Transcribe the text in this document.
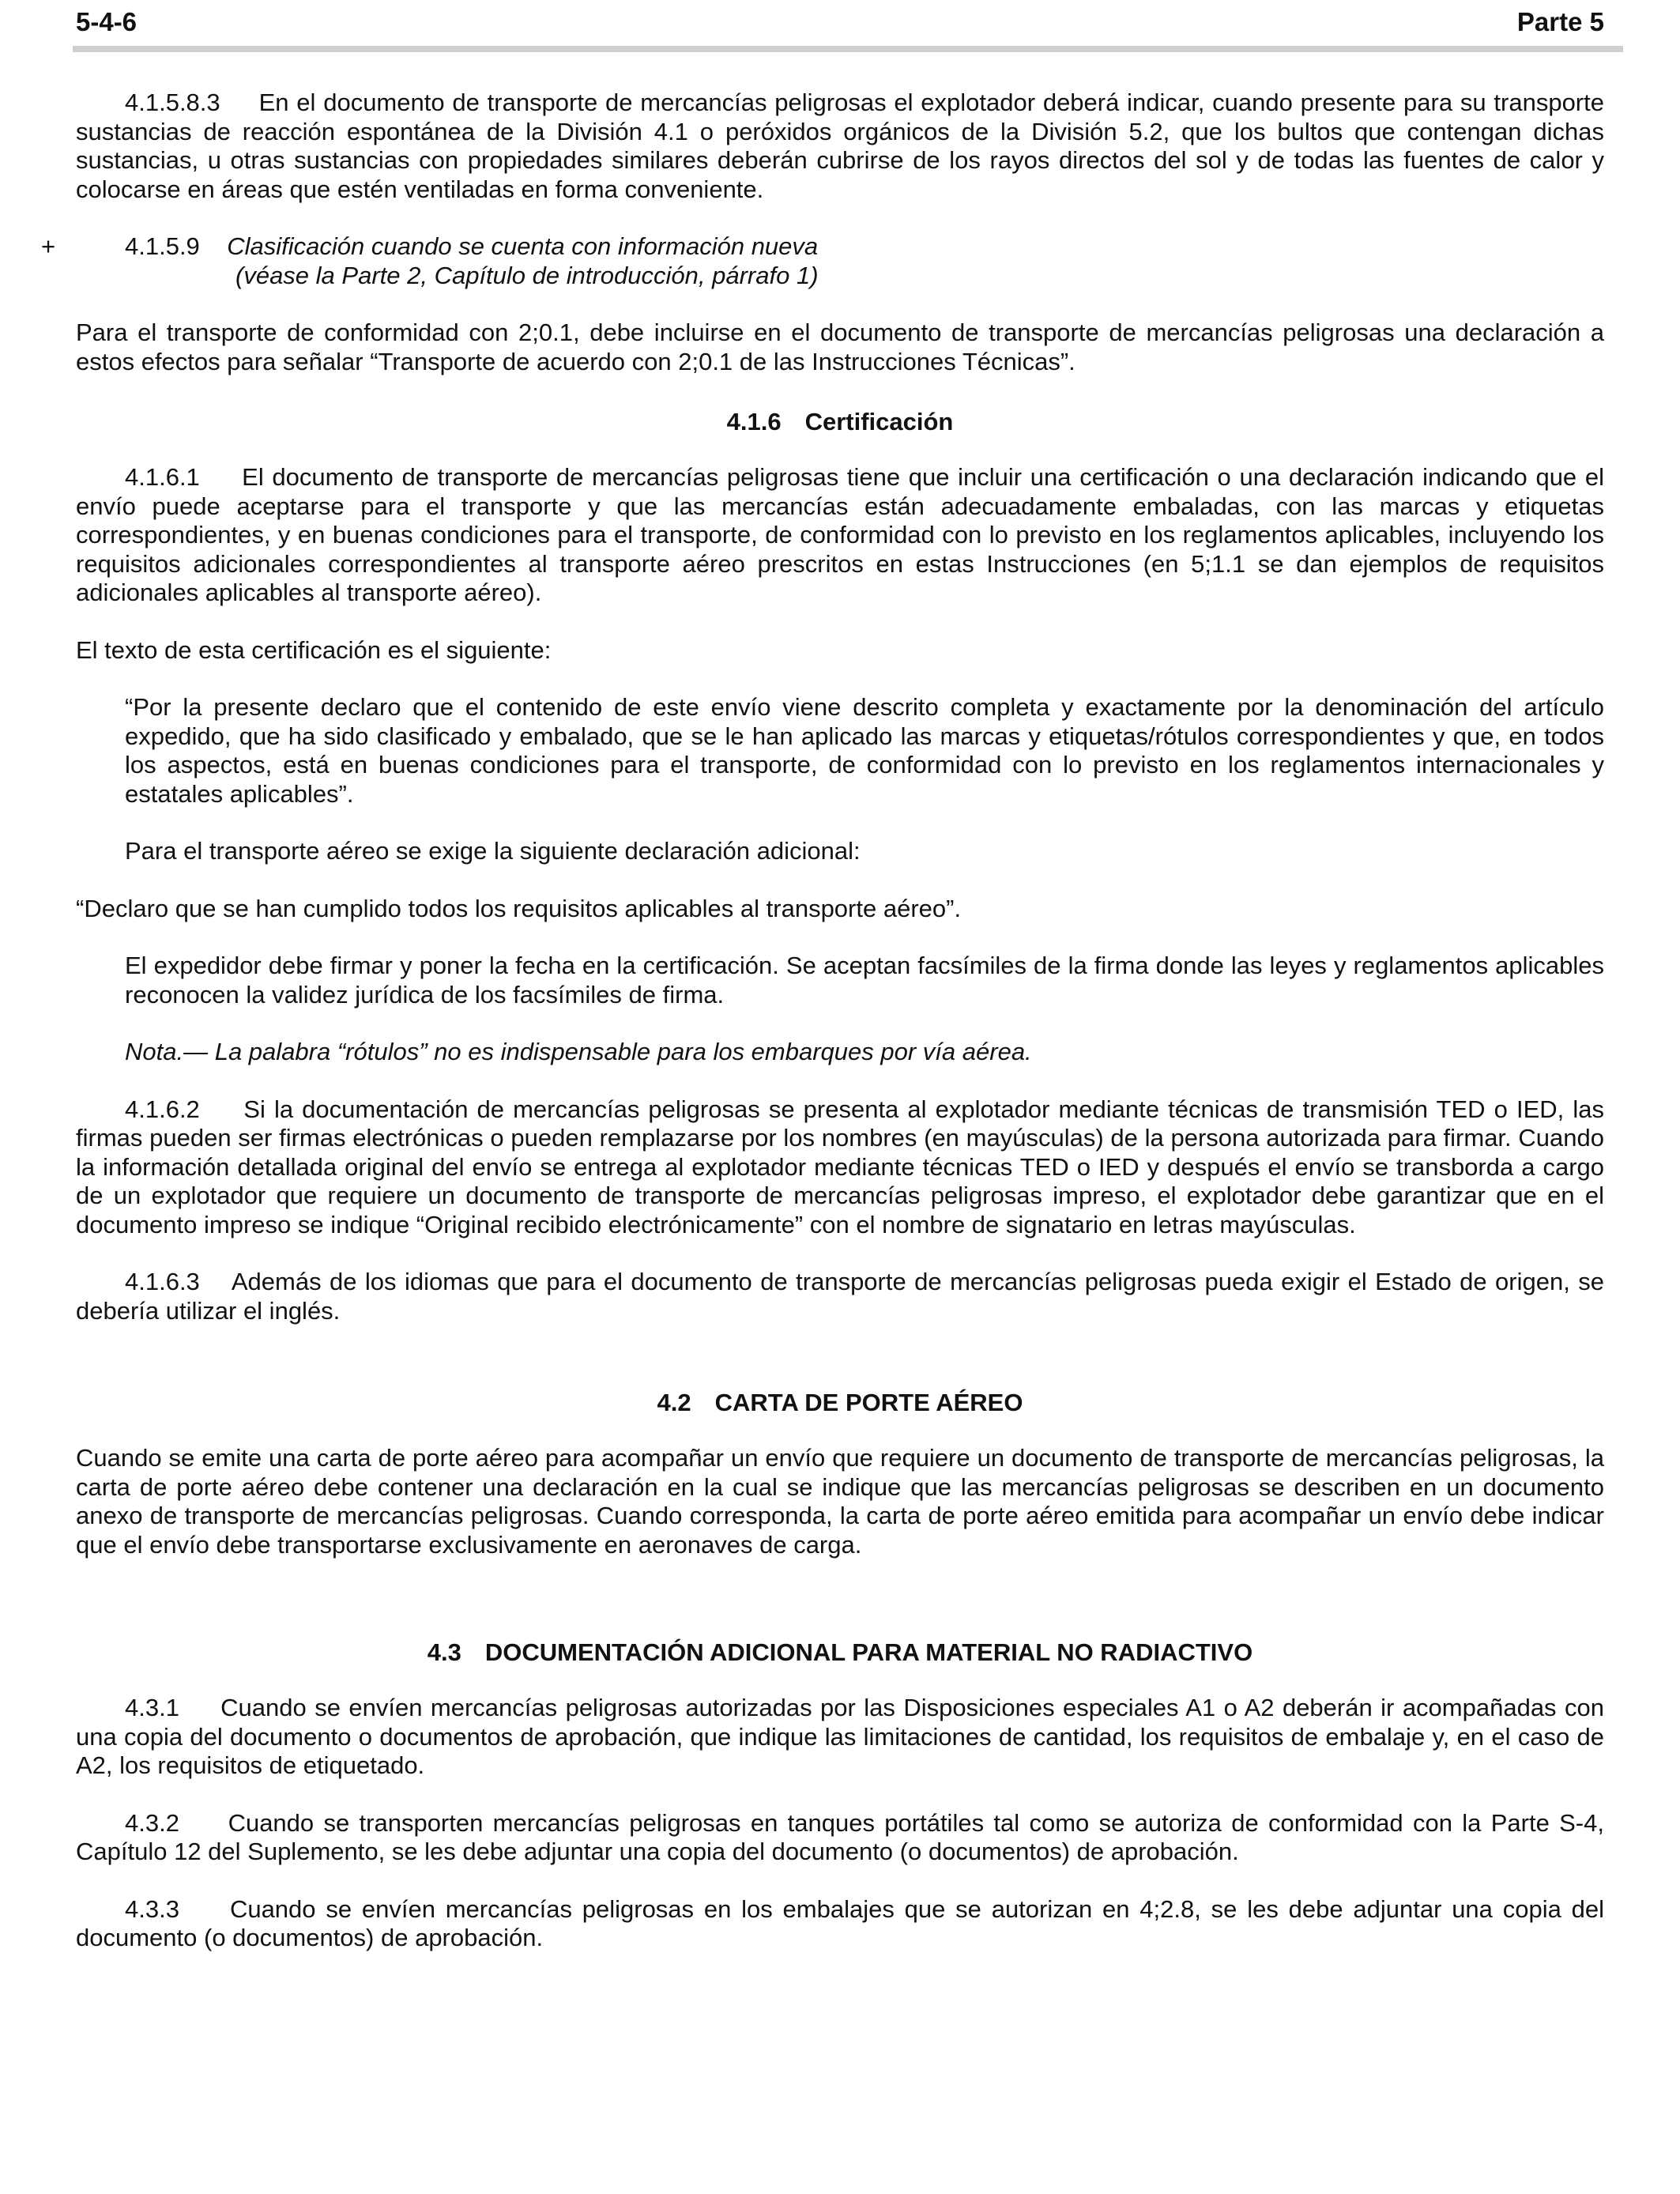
5-4-6	Parte 5

4.1.5.8.3 En el documento de transporte de mercancías peligrosas el explotador deberá indicar, cuando presente para su transporte sustancias de reacción espontánea de la División 4.1 o peróxidos orgánicos de la División 5.2, que los bultos que contengan dichas sustancias, u otras sustancias con propiedades similares deberán cubrirse de los rayos directos del sol y de todas las fuentes de calor y colocarse en áreas que estén ventiladas en forma conveniente.

+	4.1.5.9 Clasificación cuando se cuenta con información nueva
(véase la Parte 2, Capítulo de introducción, párrafo 1)

Para el transporte de conformidad con 2;0.1, debe incluirse en el documento de transporte de mercancías peligrosas una declaración a estos efectos para señalar “Transporte de acuerdo con 2;0.1 de las Instrucciones Técnicas”.

4.1.6 Certificación

4.1.6.1 El documento de transporte de mercancías peligrosas tiene que incluir una certificación o una declaración indicando que el envío puede aceptarse para el transporte y que las mercancías están adecuadamente embaladas, con las marcas y etiquetas correspondientes, y en buenas condiciones para el transporte, de conformidad con lo previsto en los reglamentos aplicables, incluyendo los requisitos adicionales correspondientes al transporte aéreo prescritos en estas Instrucciones (en 5;1.1 se dan ejemplos de requisitos adicionales aplicables al transporte aéreo).

El texto de esta certificación es el siguiente:

“Por la presente declaro que el contenido de este envío viene descrito completa y exactamente por la denominación del artículo expedido, que ha sido clasificado y embalado, que se le han aplicado las marcas y etiquetas/rótulos correspondientes y que, en todos los aspectos, está en buenas condiciones para el transporte, de conformidad con lo previsto en los reglamentos internacionales y estatales aplicables”.

Para el transporte aéreo se exige la siguiente declaración adicional:

“Declaro que se han cumplido todos los requisitos aplicables al transporte aéreo”.

El expedidor debe firmar y poner la fecha en la certificación. Se aceptan facsímiles de la firma donde las leyes y reglamentos aplicables reconocen la validez jurídica de los facsímiles de firma.

Nota.— La palabra “rótulos” no es indispensable para los embarques por vía aérea.

4.1.6.2 Si la documentación de mercancías peligrosas se presenta al explotador mediante técnicas de transmisión TED o IED, las firmas pueden ser firmas electrónicas o pueden remplazarse por los nombres (en mayúsculas) de la persona autorizada para firmar. Cuando la información detallada original del envío se entrega al explotador mediante técnicas TED o IED y después el envío se transborda a cargo de un explotador que requiere un documento de transporte de mercancías peligrosas impreso, el explotador debe garantizar que en el documento impreso se indique “Original recibido electrónicamente” con el nombre de signatario en letras mayúsculas.

4.1.6.3 Además de los idiomas que para el documento de transporte de mercancías peligrosas pueda exigir el Estado de origen, se debería utilizar el inglés.

4.2 CARTA DE PORTE AÉREO

Cuando se emite una carta de porte aéreo para acompañar un envío que requiere un documento de transporte de mercancías peligrosas, la carta de porte aéreo debe contener una declaración en la cual se indique que las mercancías peligrosas se describen en un documento anexo de transporte de mercancías peligrosas. Cuando corresponda, la carta de porte aéreo emitida para acompañar un envío debe indicar que el envío debe transportarse exclusivamente en aeronaves de carga.

4.3 DOCUMENTACIÓN ADICIONAL PARA MATERIAL NO RADIACTIVO

4.3.1 Cuando se envíen mercancías peligrosas autorizadas por las Disposiciones especiales A1 o A2 deberán ir acompañadas con una copia del documento o documentos de aprobación, que indique las limitaciones de cantidad, los requisitos de embalaje y, en el caso de A2, los requisitos de etiquetado.

4.3.2 Cuando se transporten mercancías peligrosas en tanques portátiles tal como se autoriza de conformidad con la Parte S-4, Capítulo 12 del Suplemento, se les debe adjuntar una copia del documento (o documentos) de aprobación.

4.3.3 Cuando se envíen mercancías peligrosas en los embalajes que se autorizan en 4;2.8, se les debe adjuntar una copia del documento (o documentos) de aprobación.
